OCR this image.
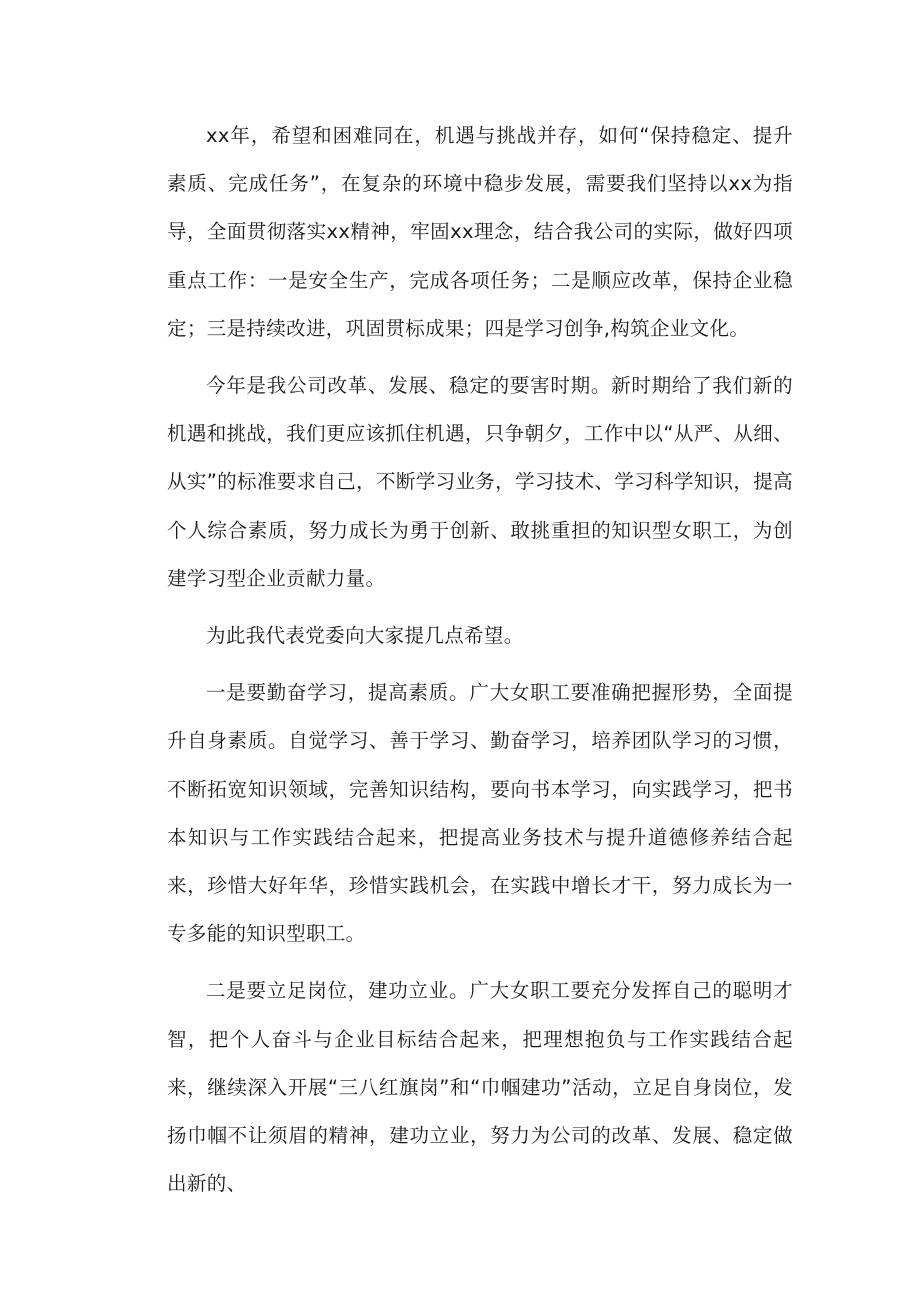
xx年，希望和困难同在，机遇与挑战并存，如何“保持稳定、提升素质、完成任务”，在复杂的环境中稳步发展，需要我们坚持以xx为指导，全面贯彻落实xx精神，牢固xx理念，结合我公司的实际，做好四项重点工作：一是安全生产，完成各项任务；二是顺应改革，保持企业稳定；三是持续改进，巩固贯标成果；四是学习创争,构筑企业文化。

今年是我公司改革、发展、稳定的要害时期。新时期给了我们新的机遇和挑战，我们更应该抓住机遇，只争朝夕，工作中以“从严、从细、从实”的标准要求自己，不断学习业务，学习技术、学习科学知识，提高个人综合素质，努力成长为勇于创新、敢挑重担的知识型女职工，为创建学习型企业贡献力量。

为此我代表党委向大家提几点希望。

一是要勤奋学习，提高素质。广大女职工要准确把握形势，全面提升自身素质。自觉学习、善于学习、勤奋学习，培养团队学习的习惯，不断拓宽知识领域，完善知识结构，要向书本学习，向实践学习，把书本知识与工作实践结合起来，把提高业务技术与提升道德修养结合起来，珍惜大好年华，珍惜实践机会，在实践中增长才干，努力成长为一专多能的知识型职工。

二是要立足岗位，建功立业。广大女职工要充分发挥自己的聪明才智，把个人奋斗与企业目标结合起来，把理想抱负与工作实践结合起来，继续深入开展“三八红旗岗”和“巾帼建功”活动，立足自身岗位，发扬巾帼不让须眉的精神，建功立业，努力为公司的改革、发展、稳定做出新的、
